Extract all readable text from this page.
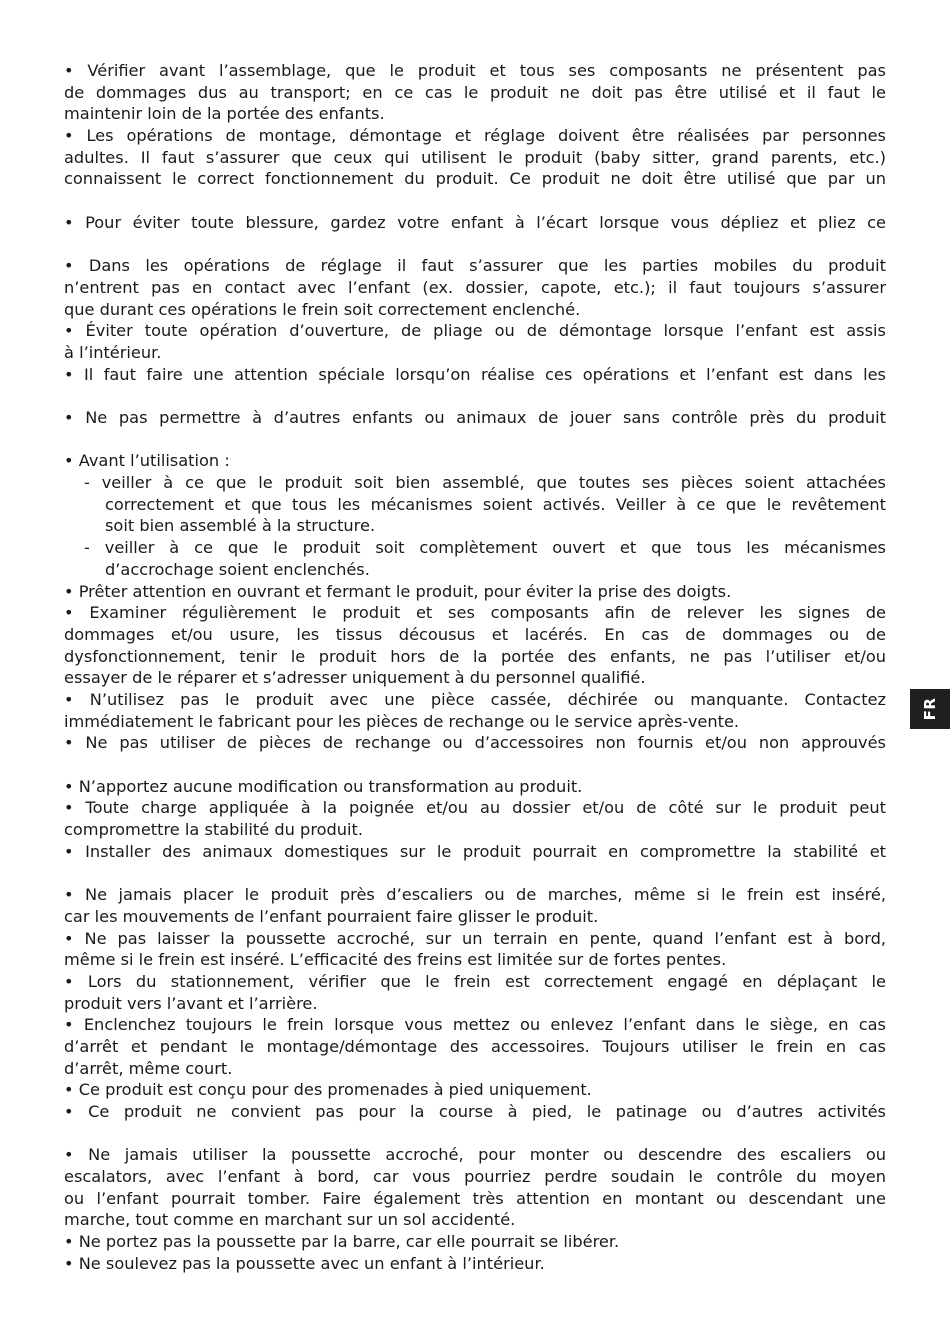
• Vérifier avant l’assemblage, que le produit et tous ses composants ne présentent pas
de dommages dus au transport; en ce cas le produit ne doit pas être utilisé et il faut le
maintenir loin de la portée des enfants.
• Les opérations de montage, démontage et réglage doivent être réalisées par personnes
adultes. Il faut s’assurer que ceux qui utilisent le produit (baby sitter, grand parents, etc.)
connaissent le correct fonctionnement du produit. Ce produit ne doit être utilisé que par un
• Pour éviter toute blessure, gardez votre enfant à l’écart lorsque vous dépliez et pliez ce
• Dans les opérations de réglage il faut s’assurer que les parties mobiles du produit
n’entrent pas en contact avec l’enfant (ex. dossier, capote, etc.); il faut toujours s’assurer
que durant ces opérations le frein soit correctement enclenché.
• Éviter toute opération d’ouverture, de pliage ou de démontage lorsque l’enfant est assis
à l’intérieur.
• Il faut faire une attention spéciale lorsqu’on réalise ces opérations et l’enfant est dans les
• Ne pas permettre à d’autres enfants ou animaux de jouer sans contrôle près du produit
• Avant l’utilisation :
- veiller à ce que le produit soit bien assemblé, que toutes ses pièces soient attachées
correctement et que tous les mécanismes soient activés. Veiller à ce que le revêtement
soit bien assemblé à la structure.
- veiller à ce que le produit soit complètement ouvert et que tous les mécanismes
d’accrochage soient enclenchés.
• Prêter attention en ouvrant et fermant le produit, pour éviter la prise des doigts.
• Examiner régulièrement le produit et ses composants afin de relever les signes de
dommages et/ou usure, les tissus décousus et lacérés. En cas de dommages ou de
dysfonctionnement, tenir le produit hors de la portée des enfants, ne pas l’utiliser et/ou
essayer de le réparer et s’adresser uniquement à du personnel qualifié.
• N’utilisez pas le produit avec une pièce cassée, déchirée ou manquante. Contactez
immédiatement le fabricant pour les pièces de rechange ou le service après-vente.
• Ne pas utiliser de pièces de rechange ou d’accessoires non fournis et/ou non approuvés
• N’apportez aucune modification ou transformation au produit.
• Toute charge appliquée à la poignée et/ou au dossier et/ou de côté sur le produit peut
compromettre la stabilité du produit.
• Installer des animaux domestiques sur le produit pourrait en compromettre la stabilité et
• Ne jamais placer le produit près d’escaliers ou de marches, même si le frein est inséré,
car les mouvements de l’enfant pourraient faire glisser le produit.
• Ne pas laisser la poussette accroché, sur un terrain en pente, quand l’enfant est à bord,
même si le frein est inséré. L’efficacité des freins est limitée sur de fortes pentes.
• Lors du stationnement, vérifier que le frein est correctement engagé en déplaçant le
produit vers l’avant et l’arrière.
• Enclenchez toujours le frein lorsque vous mettez ou enlevez l’enfant dans le siège, en cas
d’arrêt et pendant le montage/démontage des accessoires. Toujours utiliser le frein en cas
d’arrêt, même court.
• Ce produit est conçu pour des promenades à pied uniquement.
• Ce produit ne convient pas pour la course à pied, le patinage ou d’autres activités
• Ne jamais utiliser la poussette accroché, pour monter ou descendre des escaliers ou
escalators, avec l’enfant à bord, car vous pourriez perdre soudain le contrôle du moyen
ou l’enfant pourrait tomber. Faire également très attention en montant ou descendant une
marche, tout comme en marchant sur un sol accidenté.
• Ne portez pas la poussette par la barre, car elle pourrait se libérer.
• Ne soulevez pas la poussette avec un enfant à l’intérieur.
FR
